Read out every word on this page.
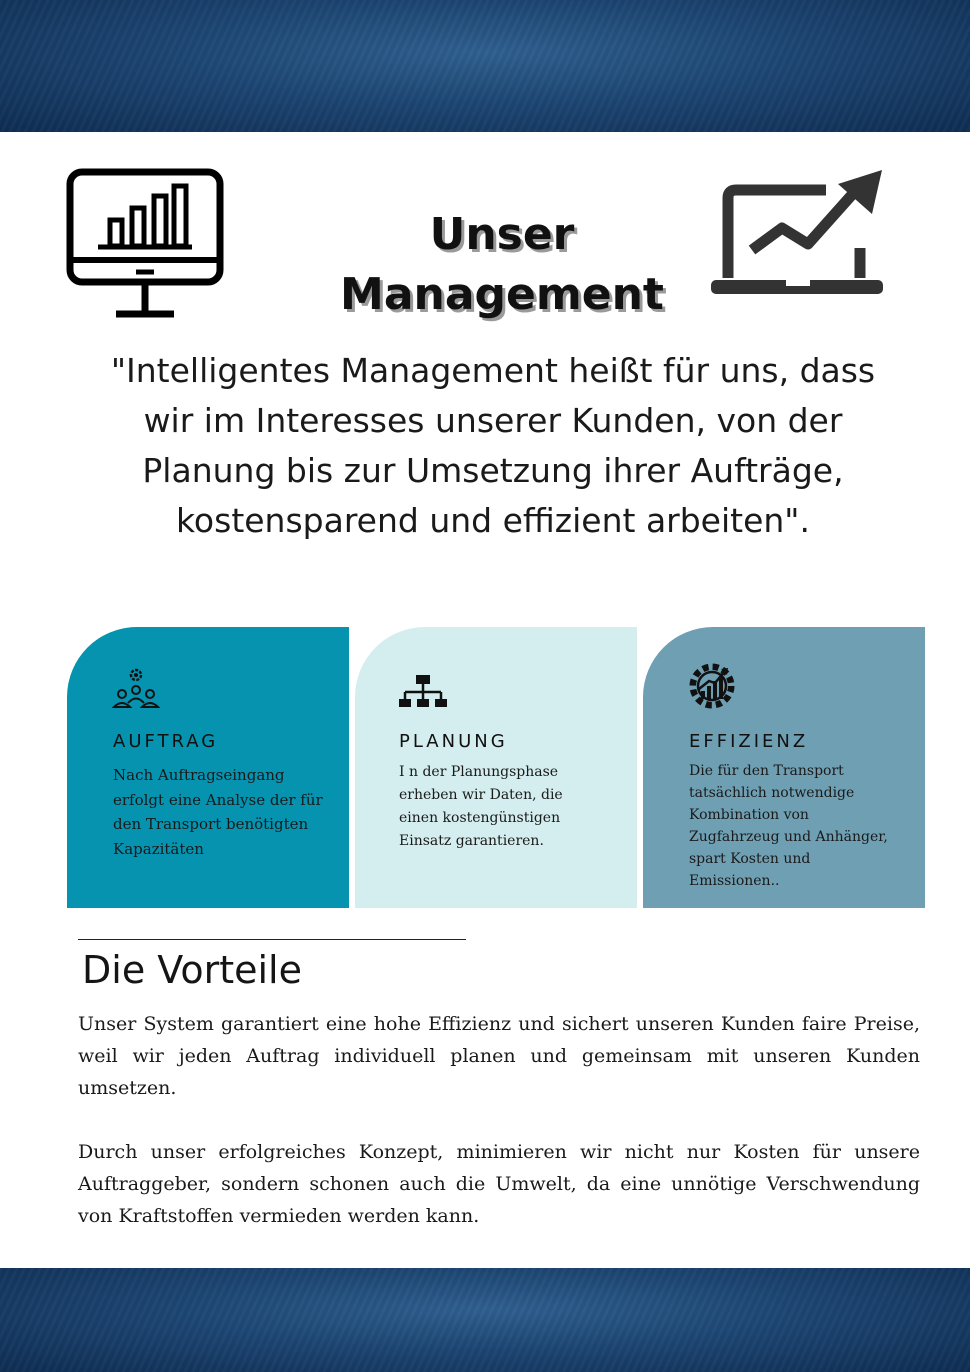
Unser
Management

"Intelligentes Management heißt für uns, dass wir im Interesses unserer Kunden, von der Planung bis zur Umsetzung ihrer Aufträge, kostensparend und effizient arbeiten".

AUFTRAG

Nach Auftragseingang erfolgt eine Analyse der für den Transport benötigten Kapazitäten

PLANUNG

I n der Planungsphase erheben wir Daten, die einen kostengünstigen Einsatz garantieren.

EFFIZIENZ

Die für den Transport tatsächlich notwendige Kombination von Zugfahrzeug und Anhänger, spart Kosten und Emissionen..

Die Vorteile

Unser System garantiert eine hohe Effizienz und sichert unseren Kunden faire Preise, weil wir jeden Auftrag individuell planen und gemeinsam mit unseren Kunden umsetzen.

Durch unser erfolgreiches Konzept, minimieren wir nicht nur Kosten für unsere Auftraggeber, sondern schonen auch die Umwelt, da eine unnötige Verschwendung von Kraftstoffen vermieden werden kann.
